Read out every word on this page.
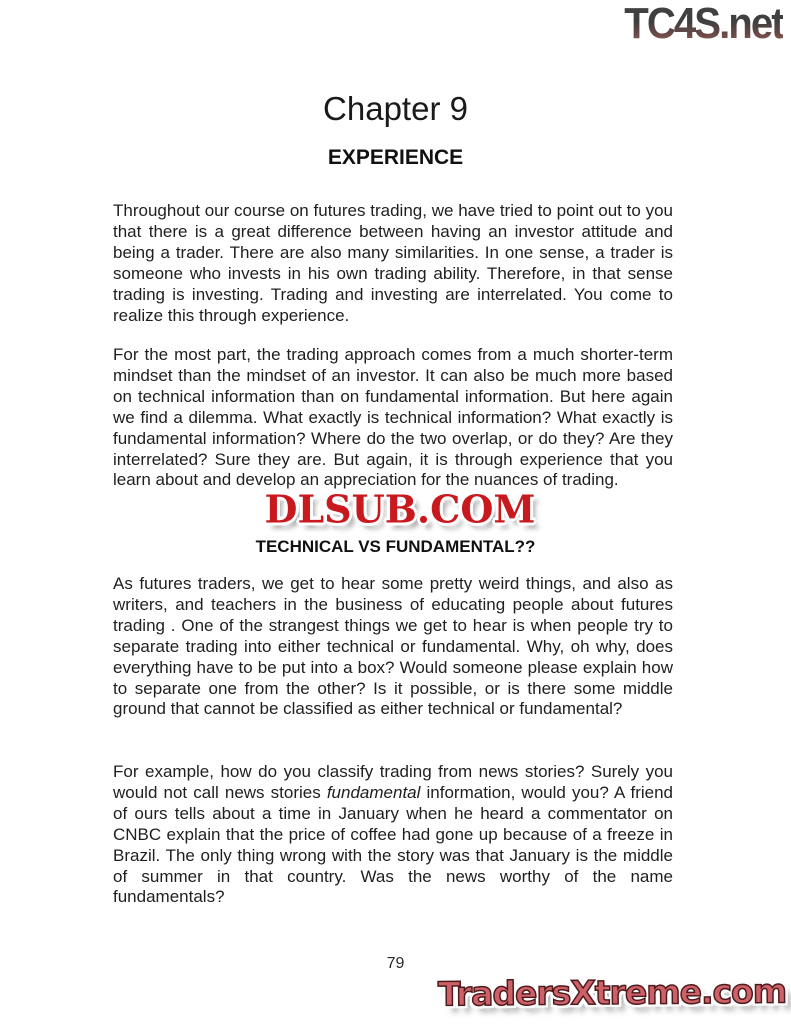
TC4S.net
Chapter 9
EXPERIENCE

Throughout our course on futures trading, we have tried to point out to you that there is a great difference between having an investor attitude and being a trader. There are also many similarities. In one sense, a trader is someone who invests in his own trading ability. Therefore, in that sense trading is investing. Trading and investing are interrelated. You come to realize this through experience.

For the most part, the trading approach comes from a much shorter-term mindset than the mindset of an investor. It can also be much more based on technical information than on fundamental information. But here again we find a dilemma. What exactly is technical information? What exactly is fundamental information? Where do the two overlap, or do they? Are they interrelated? Sure they are. But again, it is through experience that you learn about and develop an appreciation for the nuances of trading.

DLSUB.COM
TECHNICAL VS FUNDAMENTAL??

As futures traders, we get to hear some pretty weird things, and also as writers, and teachers in the business of educating people about futures trading . One of the strangest things we get to hear is when people try to separate trading into either technical or fundamental. Why, oh why, does everything have to be put into a box? Would someone please explain how to separate one from the other? Is it possible, or is there some middle ground that cannot be classified as either technical or fundamental?

For example, how do you classify trading from news stories? Surely you would not call news stories fundamental information, would you? A friend of ours tells about a time in January when he heard a commentator on CNBC explain that the price of coffee had gone up because of a freeze in Brazil. The only thing wrong with the story was that January is the middle of summer in that country. Was the news worthy of the name fundamentals?

79
TradersXtreme.com
